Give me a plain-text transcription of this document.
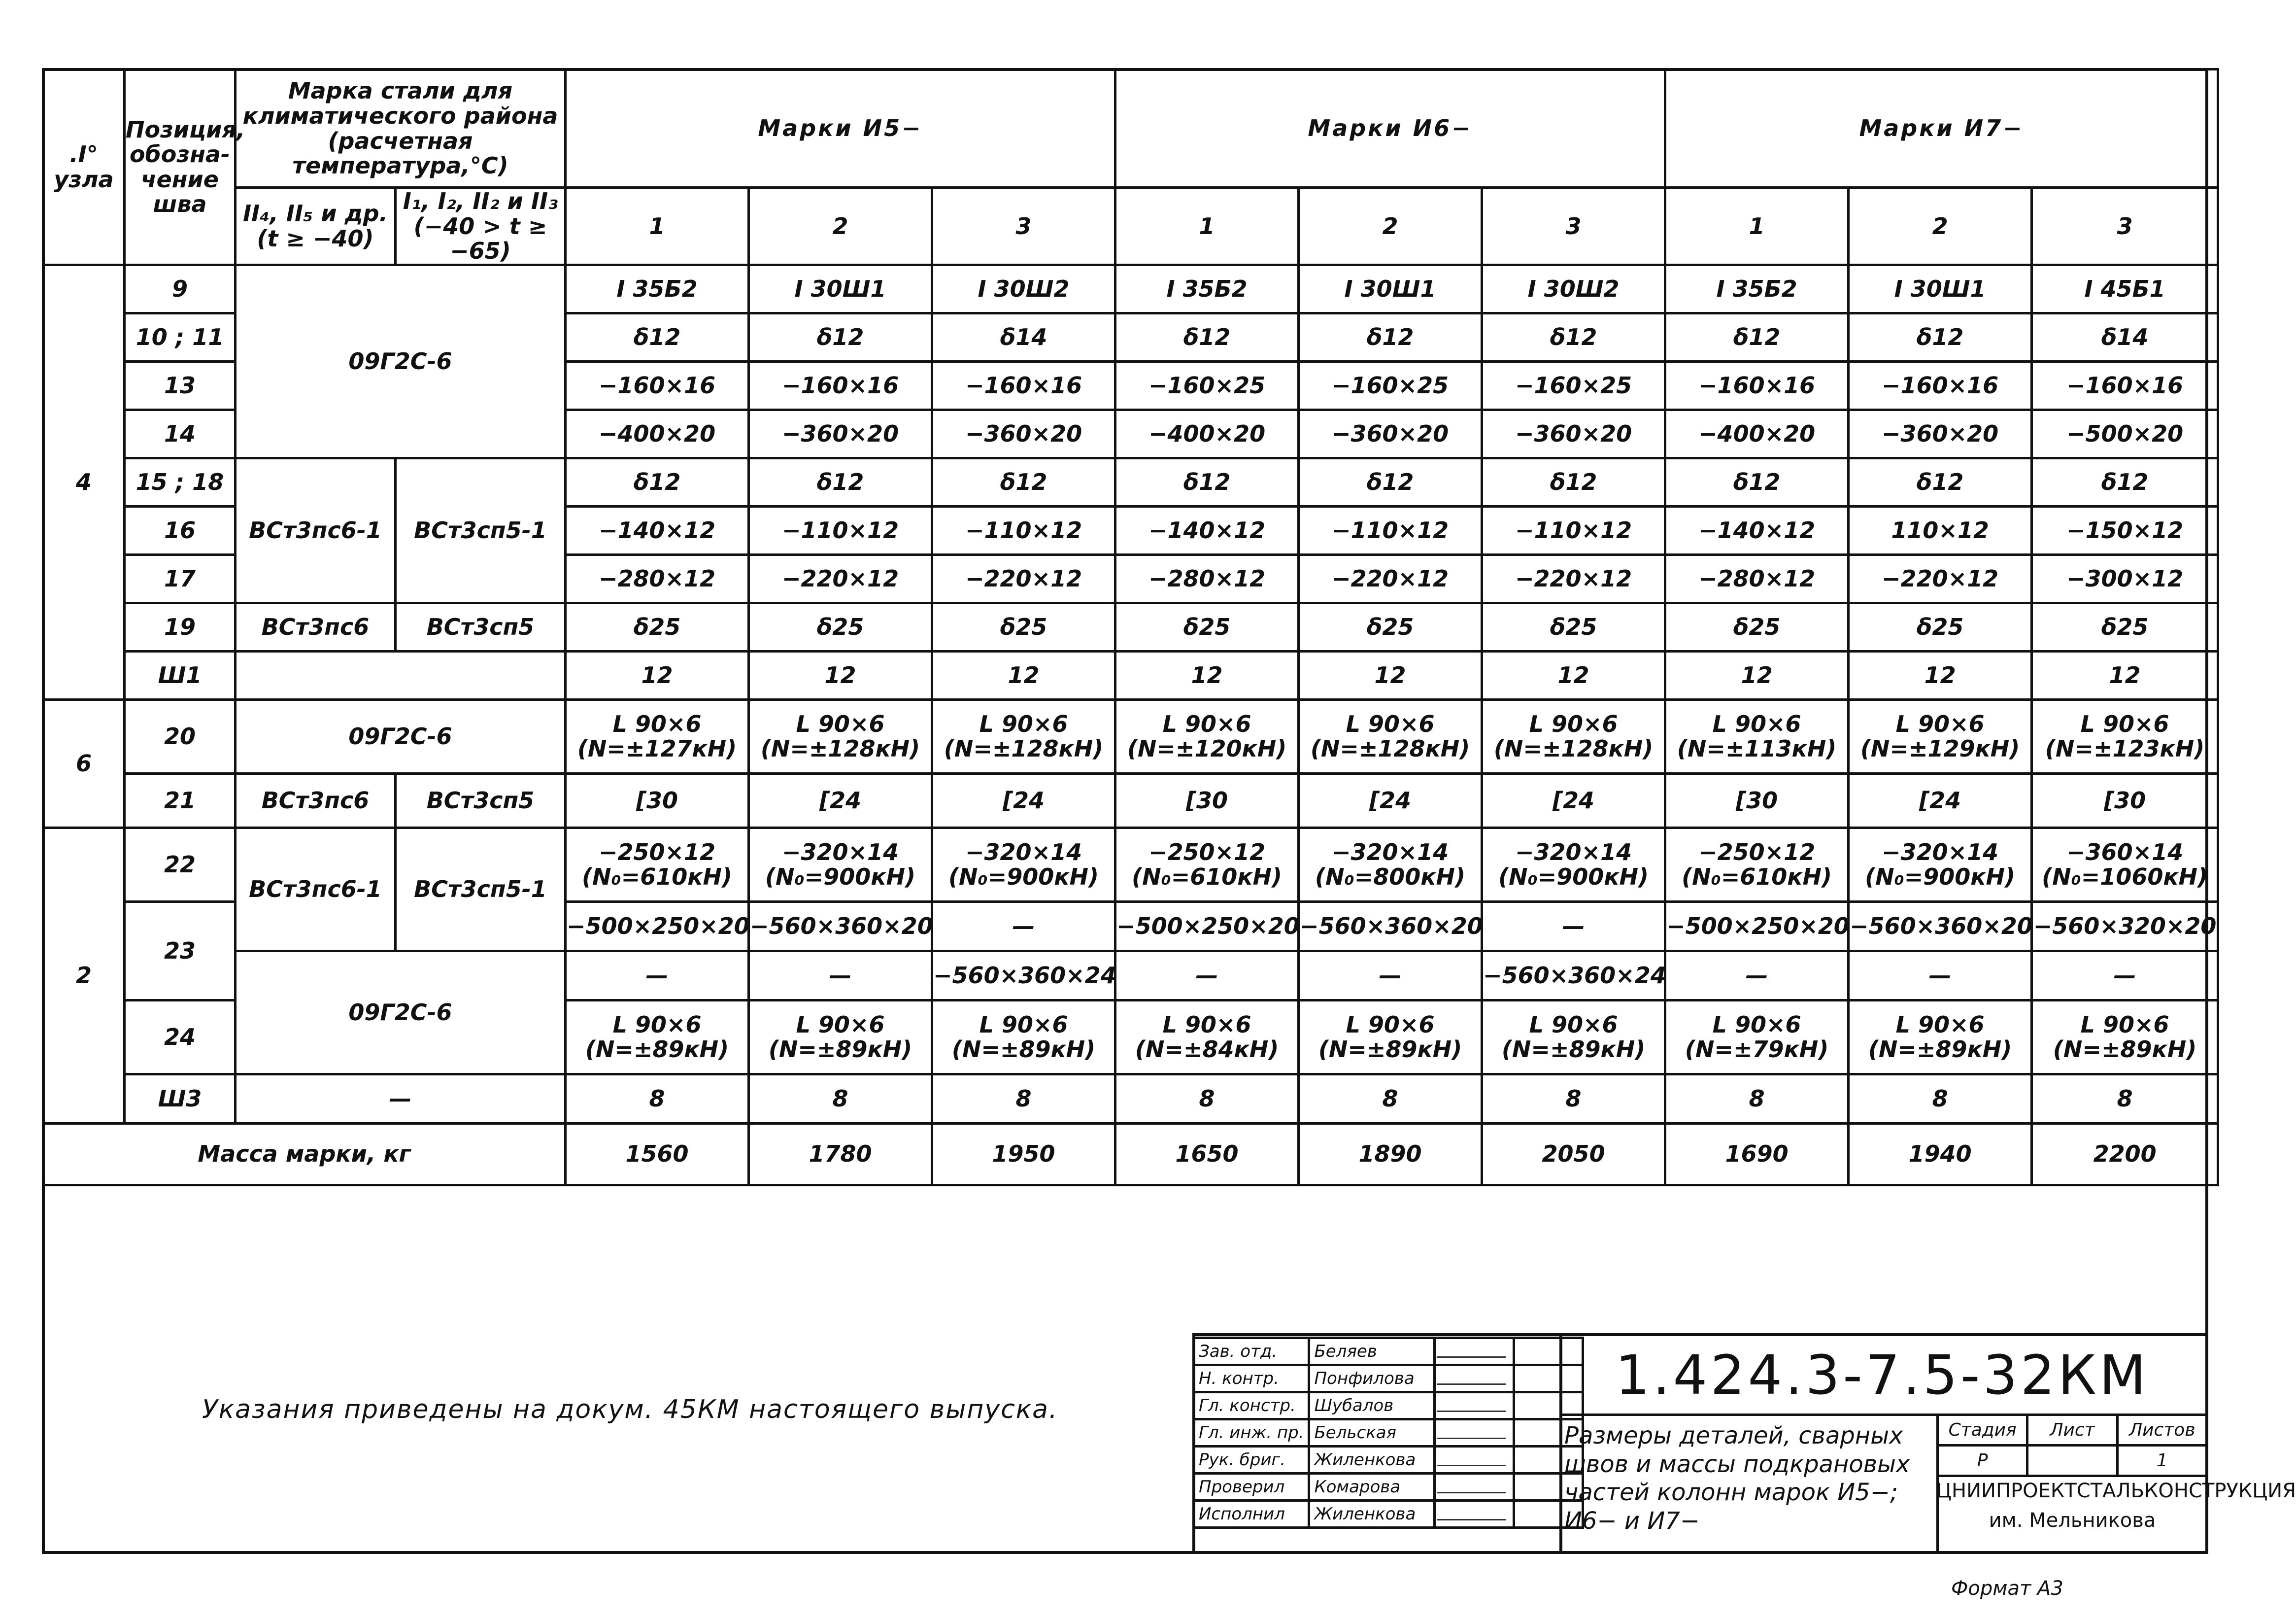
.I°
узла	Позиция, обозна-чение шва	Марка стали для климатического района (расчетная температура,°C)		Марки И5−			Марки И6−			Марки И7−		
		II₄, II₅ и др. (t ≥ −40)	I₁, I₂, II₂ и II₃ (−40 > t ≥ −65)	1	2	3	1	2	3	1	2	3
4	9	09Г2С-6		I 35Б2	I 30Ш1	I 30Ш2	I 35Б2	I 30Ш1	I 30Ш2	I 35Б2	I 30Ш1	I 45Б1
	10 ; 11			δ12	δ12	δ14	δ12	δ12	δ12	δ12	δ12	δ14
	13			−160×16	−160×16	−160×16	−160×25	−160×25	−160×25	−160×16	−160×16	−160×16
	14			−400×20	−360×20	−360×20	−400×20	−360×20	−360×20	−400×20	−360×20	−500×20
	15 ; 18	ВСт3пс6-1	ВСт3сп5-1	δ12	δ12	δ12	δ12	δ12	δ12	δ12	δ12	δ12
	16			−140×12	−110×12	−110×12	−140×12	−110×12	−110×12	−140×12	110×12	−150×12
	17			−280×12	−220×12	−220×12	−280×12	−220×12	−220×12	−280×12	−220×12	−300×12
	19	ВСт3пс6	ВСт3сп5	δ25	δ25	δ25	δ25	δ25	δ25	δ25	δ25	δ25
	Ш1			12	12	12	12	12	12	12	12	12
6	20	09Г2С-6		L 90×6 (N=±127кН)	L 90×6 (N=±128кН)	L 90×6 (N=±128кН)	L 90×6 (N=±120кН)	L 90×6 (N=±128кН)	L 90×6 (N=±128кН)	L 90×6 (N=±113кН)	L 90×6 (N=±129кН)	L 90×6 (N=±123кН)
	21	ВСт3пс6	ВСт3сп5	[30	[24	[24	[30	[24	[24	[30	[24	[30
2	22	ВСт3пс6-1	ВСт3сп5-1	−250×12 (N₀=610кН)	−320×14 (N₀=900кН)	−320×14 (N₀=900кН)	−250×12 (N₀=610кН)	−320×14 (N₀=800кН)	−320×14 (N₀=900кН)	−250×12 (N₀=610кН)	−320×14 (N₀=900кН)	−360×14 (N₀=1060кН)
	23			−500×250×20	−560×360×20	—	−500×250×20	−560×360×20	—	−500×250×20	−560×360×20	−560×320×20
		09Г2С-6		—	—	−560×360×24	—	—	−560×360×24	—	—	—
	24			L 90×6 (N=±89кН)	L 90×6 (N=±89кН)	L 90×6 (N=±89кН)	L 90×6 (N=±84кН)	L 90×6 (N=±89кН)	L 90×6 (N=±89кН)	L 90×6 (N=±79кН)	L 90×6 (N=±89кН)	L 90×6 (N=±89кН)
	Ш3	—		8	8	8	8	8	8	8	8	8
Масса марки, кг				1560	1780	1950	1650	1890	2050	1690	1940	2200
Указания приведены на докум. 45КМ настоящего выпуска.
Зав. отд.	Беляев		
Н. контр.	Понфилова		
Гл. констр.	Шубалов		
Гл. инж. пр.	Бельская		
Рук. бриг.	Жиленкова		
Проверил	Комарова		
Исполнил	Жиленкова		
1.424.3-7.5-32КМ
Размеры деталей, сварных швов и массы подкрановых частей колонн марок И5−; И6− и И7−
Стадия	Лист	Листов
Р		1
ЦНИИПРОЕКТСТАЛЬКОНСТРУКЦИЯ им. Мельникова
Формат А3
